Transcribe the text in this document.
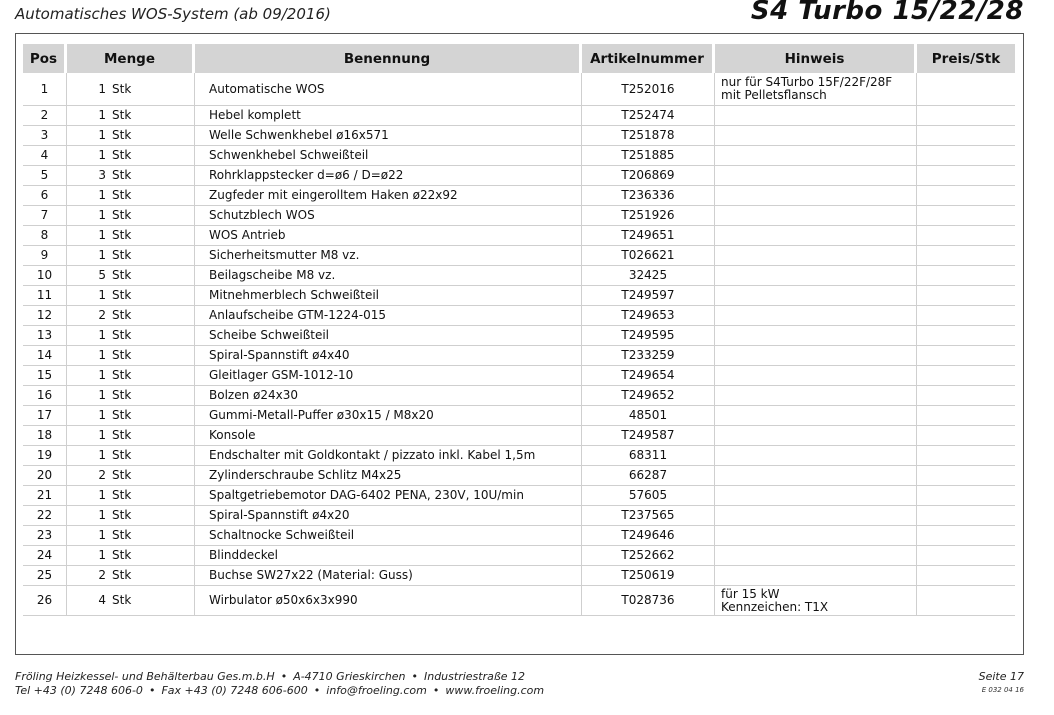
Automatisches WOS-System (ab 09/2016)	S4 Turbo 15/22/28
Pos	Menge	Benennung	Artikelnummer	Hinweis	Preis/Stk
1	1 Stk	Automatische WOS	T252016	nur für S4Turbo 15F/22F/28F
mit Pelletsflansch	

2	1 Stk	Hebel komplett	T252474		
3	1 Stk	Welle Schwenkhebel ø16x571	T251878		
4	1 Stk	Schwenkhebel Schweißteil	T251885		
5	3 Stk	Rohrklappstecker d=ø6 / D=ø22	T206869		
6	1 Stk	Zugfeder mit eingerolltem Haken ø22x92	T236336		
7	1 Stk	Schutzblech WOS	T251926		
8	1 Stk	WOS Antrieb	T249651		
9	1 Stk	Sicherheitsmutter M8 vz.	T026621		
10	5 Stk	Beilagscheibe M8 vz.	32425		
11	1 Stk	Mitnehmerblech Schweißteil	T249597		
12	2 Stk	Anlaufscheibe GTM-1224-015	T249653		
13	1 Stk	Scheibe Schweißteil	T249595		
14	1 Stk	Spiral-Spannstift ø4x40	T233259		
15	1 Stk	Gleitlager GSM-1012-10	T249654		
16	1 Stk	Bolzen ø24x30	T249652		
17	1 Stk	Gummi-Metall-Puffer ø30x15 / M8x20	48501		
18	1 Stk	Konsole	T249587		
19	1 Stk	Endschalter mit Goldkontakt / pizzato inkl. Kabel 1,5m	68311		
20	2 Stk	Zylinderschraube Schlitz M4x25	66287		
21	1 Stk	Spaltgetriebemotor DAG-6402 PENA, 230V, 10U/min	57605		
22	1 Stk	Spiral-Spannstift ø4x20	T237565		
23	1 Stk	Schaltnocke Schweißteil	T249646		
24	1 Stk	Blinddeckel	T252662		
25	2 Stk	Buchse SW27x22 (Material: Guss)	T250619		
26	4 Stk	Wirbulator ø50x6x3x990	T028736	für 15 kW
Kennzeichen: T1X	

Fröling Heizkessel- und Behälterbau Ges.m.b.H • A-4710 Grieskirchen • Industriestraße 12
Tel +43 (0) 7248 606-0 • Fax +43 (0) 7248 606-600 • info@froeling.com • www.froeling.com
Seite 17
E 032 04 16
